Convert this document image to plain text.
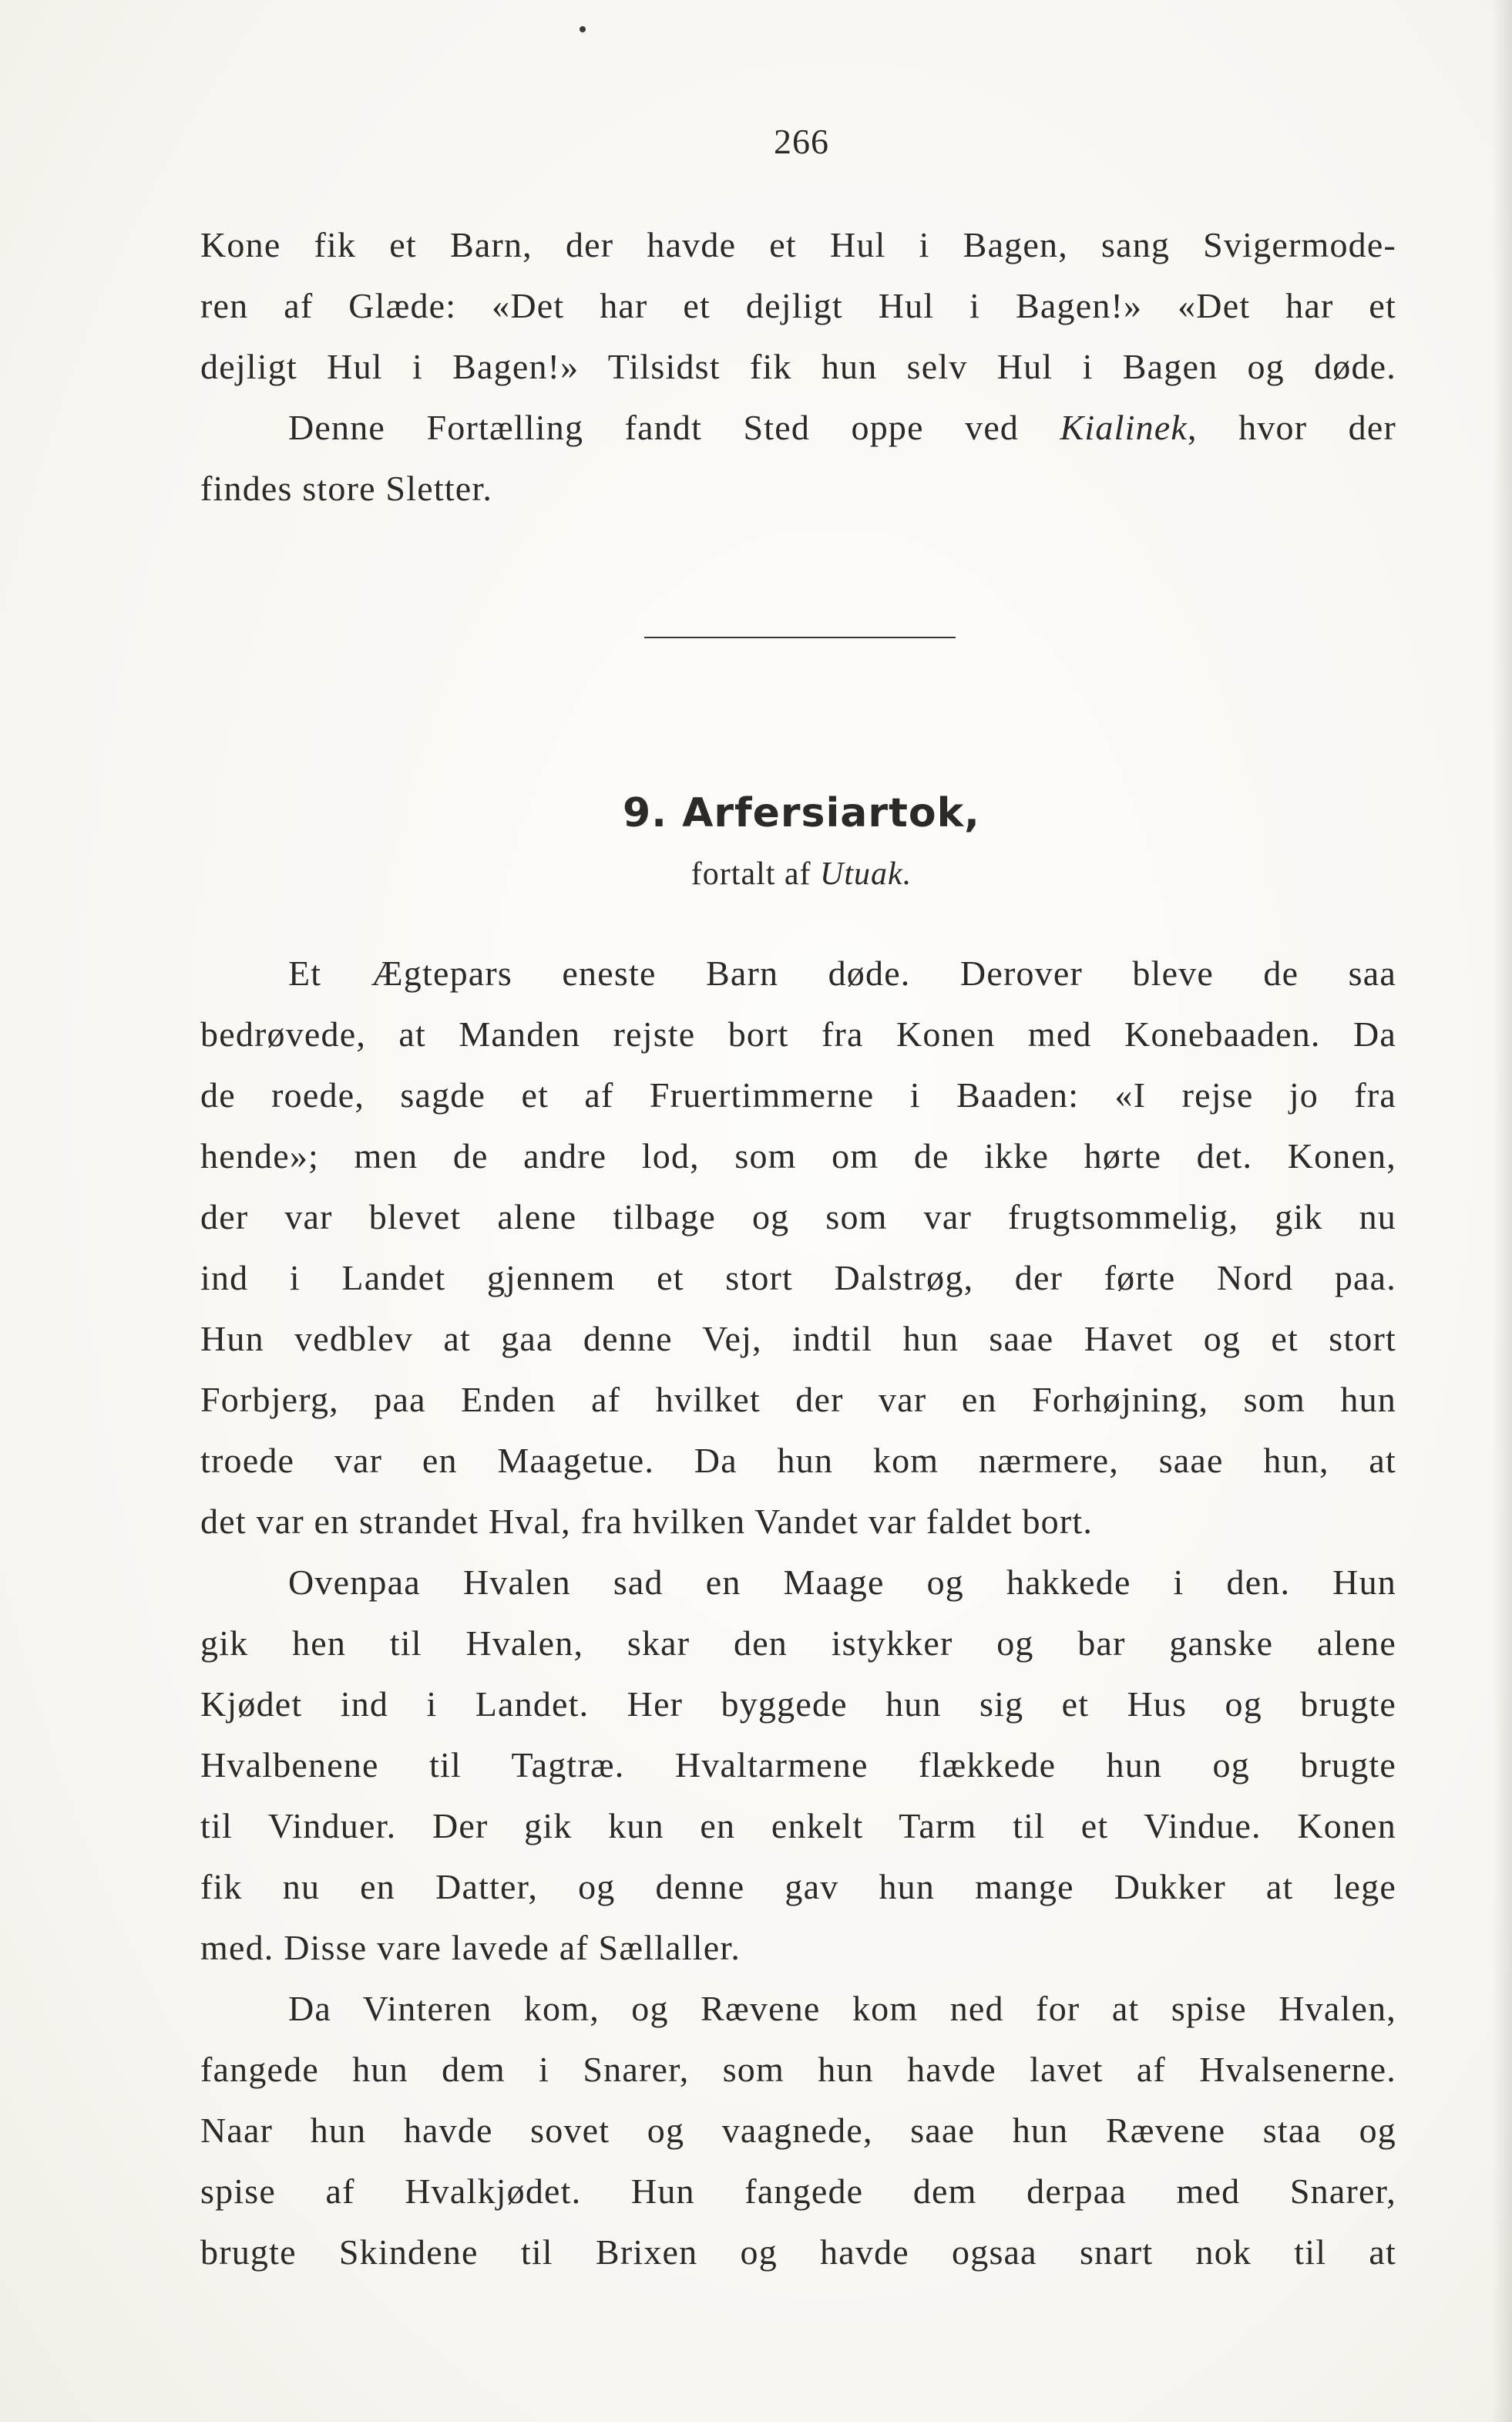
266
Kone fik et Barn, der havde et Hul i Bagen, sang Svigermode-
ren af Glæde: «Det har et dejligt Hul i Bagen!» «Det har et
dejligt Hul i Bagen!» Tilsidst fik hun selv Hul i Bagen og døde.
Denne Fortælling fandt Sted oppe ved Kialinek, hvor der
findes store Sletter.
9. Arfersiartok,
fortalt af Utuak.
Et Ægtepars eneste Barn døde. Derover bleve de saa
bedrøvede, at Manden rejste bort fra Konen med Konebaaden. Da
de roede, sagde et af Fruertimmerne i Baaden: «I rejse jo fra
hende»; men de andre lod, som om de ikke hørte det. Konen,
der var blevet alene tilbage og som var frugtsommelig, gik nu
ind i Landet gjennem et stort Dalstrøg, der førte Nord paa.
Hun vedblev at gaa denne Vej, indtil hun saae Havet og et stort
Forbjerg, paa Enden af hvilket der var en Forhøjning, som hun
troede var en Maagetue. Da hun kom nærmere, saae hun, at
det var en strandet Hval, fra hvilken Vandet var faldet bort.
Ovenpaa Hvalen sad en Maage og hakkede i den. Hun
gik hen til Hvalen, skar den istykker og bar ganske alene
Kjødet ind i Landet. Her byggede hun sig et Hus og brugte
Hvalbenene til Tagtræ. Hvaltarmene flækkede hun og brugte
til Vinduer. Der gik kun en enkelt Tarm til et Vindue. Konen
fik nu en Datter, og denne gav hun mange Dukker at lege
med. Disse vare lavede af Sællaller.
Da Vinteren kom, og Rævene kom ned for at spise Hvalen,
fangede hun dem i Snarer, som hun havde lavet af Hvalsenerne.
Naar hun havde sovet og vaagnede, saae hun Rævene staa og
spise af Hvalkjødet. Hun fangede dem derpaa med Snarer,
brugte Skindene til Brixen og havde ogsaa snart nok til at
